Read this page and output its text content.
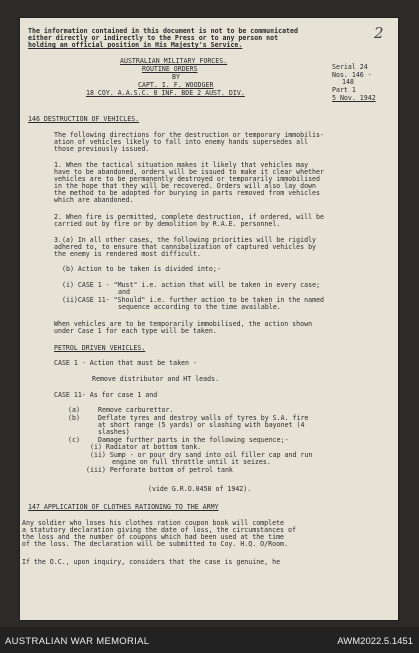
2
The information contained in this document is not to be communicated
either directly or indirectly to the Press or to any person not
holding an official position in His Majesty's Service.
AUSTRALIAN MILITARY FORCES.
ROUTINE ORDERS
BY
CAPT. I. F. WOODGER
18 COY. A.A.S.C. 8 INF. BDE 2 AUST. DIV.
Serial 24
Nos. 146 -
148
Part 1
5 Nov. 1942
146 DESTRUCTION OF VEHICLES.
The following directions for the destruction or temporary immobilis-
ation of vehicles likely to fall into enemy hands supersedes all
those previously issued.
1. When the tactical situation makes it likely that vehicles may
have to be abandoned, orders will be issued to make it clear whether
vehicles are to be permanently destroyed or temporarily immobilised
in the hope that they will be recovered. Orders will also lay down
the method to be adopted for burying in parts removed from vehicles
which are abandoned.
2. When fire is permitted, complete destruction, if ordered, will be
carried out by fire or by demolition by R.A.E. personnel.
3.(a) In all other cases, the following priorities will be rigidly
adhered to, to ensure that cannibalization of captured vehicles by
the enemy is rendered most difficult.
(b) Action to be taken is divided into;-
(i) CASE 1 - "Must" i.e. action that will be taken in every case;
and
(ii)CASE 11- "Should" i.e. further action to be taken in the named
sequence according to the time available.
When vehicles are to be temporarily immobilised, the action shown
under Case 1 for each type will be taken.
PETROL DRIVEN VEHICLES.
CASE 1 - Action that must be taken -
Remove distributor and HT leads.
CASE 11- As for case 1 and
(a)	Remove carburettor.
(b)	Deflate tyres and destroy walls of tyres by S.A. fire
at short range (5 yards) or slashing with bayonet (4
slashes)
(c)	Damage further parts in the following sequence;-
(i) Radiator at bottom tank.
(ii) Sump - or pour dry sand into oil filler cap and run
engine on full throttle until it seizes.
(iii) Perforate bottom of petrol tank
(vide G.R.O.0458 of 1942).
147 APPLICATION OF CLOTHES RATIONING TO THE ARMY
Any soldier who loses his clothes ration coupon book will complete
a statutory declaration giving the date of loss, the circumstances of
the loss and the number of coupons which had been used at the time
of the loss. The declaration will be submitted to Coy. H.Q. O/Room.
If the O.C., upon inquiry, considers that the case is genuine, he
AUSTRALIAN WAR MEMORIAL	AWM2022.5.1451
